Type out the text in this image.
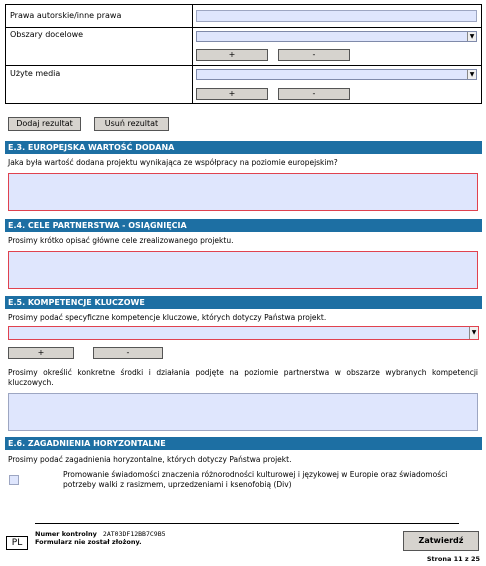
Prawa autorskie/inne prawa
Obszary docelowe	▼
+	-
Użyte media	▼
+	-
Dodaj rezultat	Usuń rezultat
E.3. EUROPEJSKA WARTOŚĆ DODANA
Jaka była wartość dodana projektu wynikająca ze współpracy na poziomie europejskim?
E.4. CELE PARTNERSTWA - OSIĄGNIĘCIA
Prosimy krótko opisać główne cele zrealizowanego projektu.
E.5. KOMPETENCJE KLUCZOWE
Prosimy podać specyficzne kompetencje kluczowe, których dotyczy Państwa projekt.
▼
+	-
Prosimy określić konkretne środki i działania podjęte na poziomie partnerstwa w obszarze wybranych kompetencji kluczowych.
E.6. ZAGADNIENIA HORYZONTALNE
Prosimy podać zagadnienia horyzontalne, których dotyczy Państwa projekt.
Promowanie świadomości znaczenia różnorodności kulturowej i językowej w Europie oraz świadomości potrzeby walki z rasizmem, uprzedzeniami i ksenofobią (Div)
PL
Numer kontrolny 2AT03DF12BB7C9B5
Formularz nie został złożony.	Zatwierdź
Strona 11 z 25
